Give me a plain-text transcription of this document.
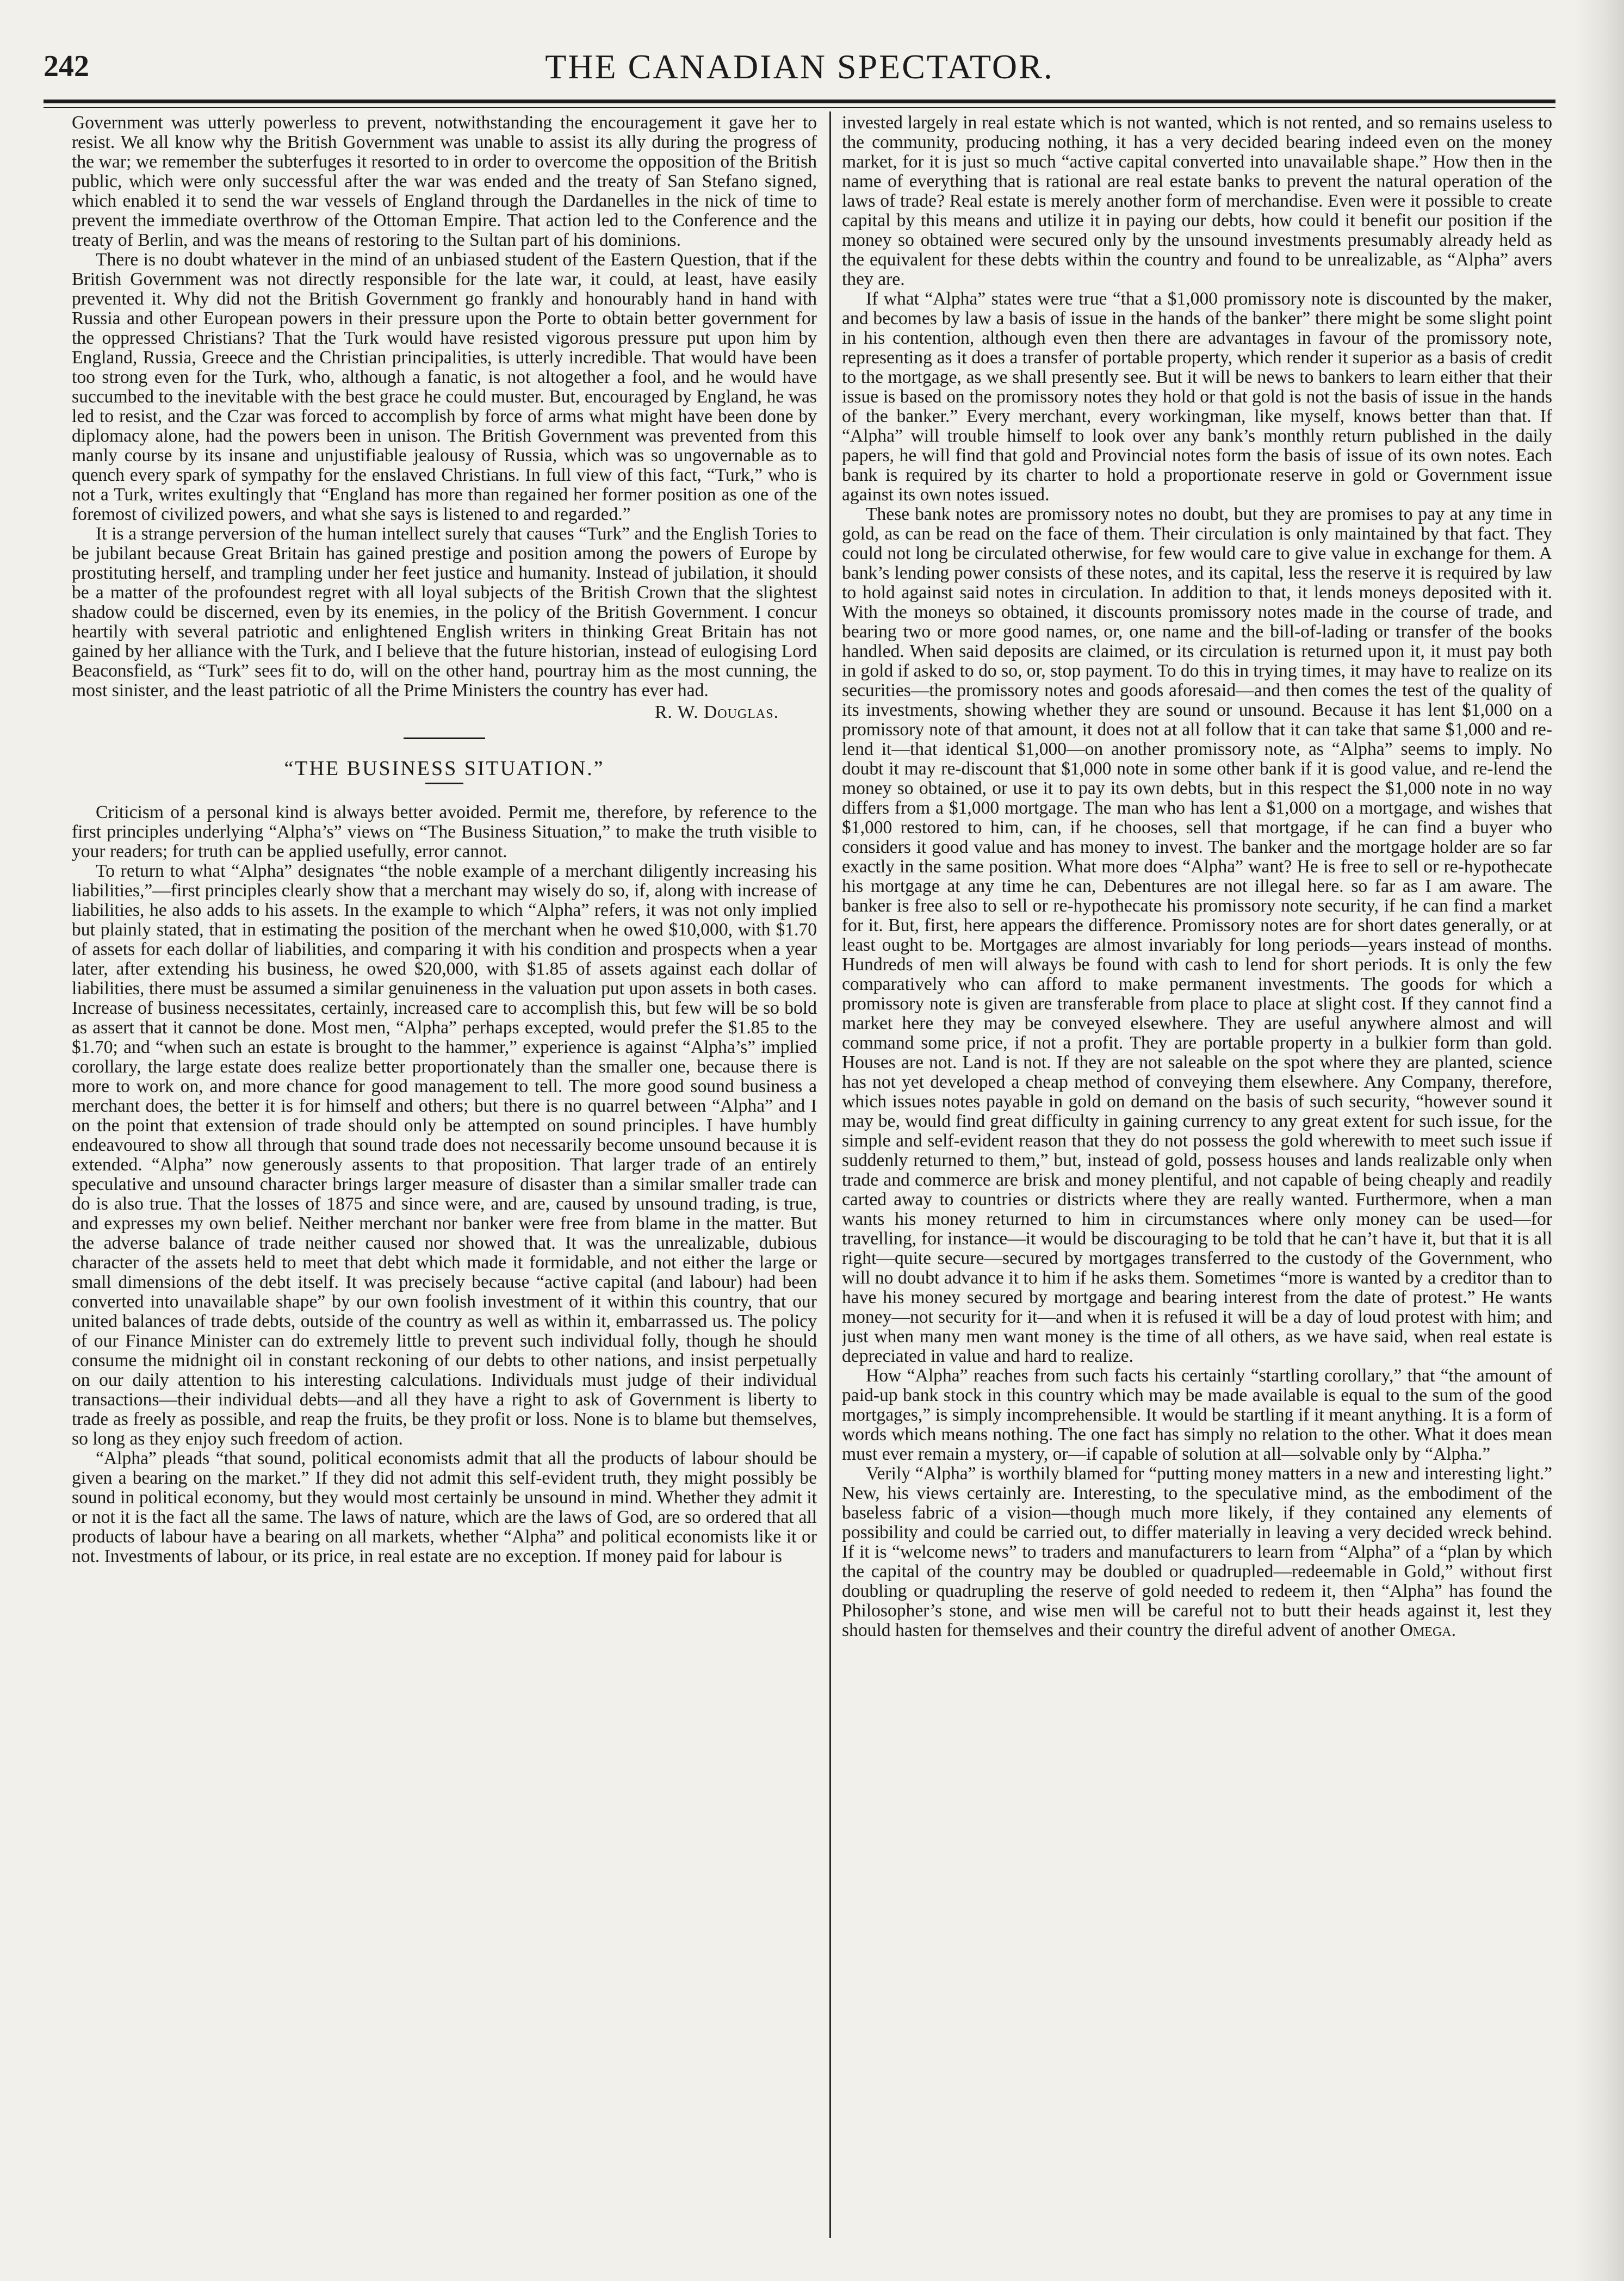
242	THE CANADIAN SPECTATOR.

Government was utterly powerless to prevent, notwithstanding the encouragement it gave her to resist. We all know why the British Government was unable to assist its ally during the progress of the war; we remember the subterfuges it resorted to in order to overcome the opposition of the British public, which were only successful after the war was ended and the treaty of San Stefano signed, which enabled it to send the war vessels of England through the Dardanelles in the nick of time to prevent the immediate overthrow of the Ottoman Empire. That action led to the Conference and the treaty of Berlin, and was the means of restoring to the Sultan part of his dominions.

There is no doubt whatever in the mind of an unbiased student of the Eastern Question, that if the British Government was not directly responsible for the late war, it could, at least, have easily prevented it. Why did not the British Government go frankly and honourably hand in hand with Russia and other European powers in their pressure upon the Porte to obtain better government for the oppressed Christians? That the Turk would have resisted vigorous pressure put upon him by England, Russia, Greece and the Christian principalities, is utterly incredible. That would have been too strong even for the Turk, who, although a fanatic, is not altogether a fool, and he would have succumbed to the inevitable with the best grace he could muster. But, encouraged by England, he was led to resist, and the Czar was forced to accomplish by force of arms what might have been done by diplomacy alone, had the powers been in unison. The British Government was prevented from this manly course by its insane and unjustifiable jealousy of Russia, which was so ungovernable as to quench every spark of sympathy for the enslaved Christians. In full view of this fact, “Turk,” who is not a Turk, writes exultingly that “England has more than regained her former position as one of the foremost of civilized powers, and what she says is listened to and regarded.”

It is a strange perversion of the human intellect surely that causes “Turk” and the English Tories to be jubilant because Great Britain has gained prestige and position among the powers of Europe by prostituting herself, and trampling under her feet justice and humanity. Instead of jubilation, it should be a matter of the profoundest regret with all loyal subjects of the British Crown that the slightest shadow could be discerned, even by its enemies, in the policy of the British Government. I concur heartily with several patriotic and enlightened English writers in thinking Great Britain has not gained by her alliance with the Turk, and I believe that the future historian, instead of eulogising Lord Beaconsfield, as “Turk” sees fit to do, will on the other hand, pourtray him as the most cunning, the most sinister, and the least patriotic of all the Prime Ministers the country has ever had.

R. W. Douglas.
“THE BUSINESS SITUATION.”

Criticism of a personal kind is always better avoided. Permit me, therefore, by reference to the first principles underlying “Alpha’s” views on “The Business Situation,” to make the truth visible to your readers; for truth can be applied usefully, error cannot.

To return to what “Alpha” designates “the noble example of a merchant diligently increasing his liabilities,”—first principles clearly show that a merchant may wisely do so, if, along with increase of liabilities, he also adds to his assets. In the example to which “Alpha” refers, it was not only implied but plainly stated, that in estimating the position of the merchant when he owed $10,000, with $1.70 of assets for each dollar of liabilities, and comparing it with his condition and prospects when a year later, after extending his business, he owed $20,000, with $1.85 of assets against each dollar of liabilities, there must be assumed a similar genuineness in the valuation put upon assets in both cases. Increase of business necessitates, certainly, increased care to accomplish this, but few will be so bold as assert that it cannot be done. Most men, “Alpha” perhaps excepted, would prefer the $1.85 to the $1.70; and “when such an estate is brought to the hammer,” experience is against “Alpha’s” implied corollary, the large estate does realize better proportionately than the smaller one, because there is more to work on, and more chance for good management to tell. The more good sound business a merchant does, the better it is for himself and others; but there is no quarrel between “Alpha” and I on the point that extension of trade should only be attempted on sound principles. I have humbly endeavoured to show all through that sound trade does not necessarily become unsound because it is extended. “Alpha” now generously assents to that proposition. That larger trade of an entirely speculative and unsound character brings larger measure of disaster than a similar smaller trade can do is also true. That the losses of 1875 and since were, and are, caused by unsound trading, is true, and expresses my own belief. Neither merchant nor banker were free from blame in the matter. But the adverse balance of trade neither caused nor showed that. It was the unrealizable, dubious character of the assets held to meet that debt which made it formidable, and not either the large or small dimensions of the debt itself. It was precisely because “active capital (and labour) had been converted into unavailable shape” by our own foolish investment of it within this country, that our united balances of trade debts, outside of the country as well as within it, embarrassed us. The policy of our Finance Minister can do extremely little to prevent such individual folly, though he should consume the midnight oil in constant reckoning of our debts to other nations, and insist perpetually on our daily attention to his interesting calculations. Individuals must judge of their individual transactions—their individual debts—and all they have a right to ask of Government is liberty to trade as freely as possible, and reap the fruits, be they profit or loss. None is to blame but themselves, so long as they enjoy such freedom of action.

“Alpha” pleads “that sound, political economists admit that all the products of labour should be given a bearing on the market.” If they did not admit this self-evident truth, they might possibly be sound in political economy, but they would most certainly be unsound in mind. Whether they admit it or not it is the fact all the same. The laws of nature, which are the laws of God, are so ordered that all products of labour have a bearing on all markets, whether “Alpha” and political economists like it or not. Investments of labour, or its price, in real estate are no exception. If money paid for labour is

invested largely in real estate which is not wanted, which is not rented, and so remains useless to the community, producing nothing, it has a very decided bearing indeed even on the money market, for it is just so much “active capital converted into unavailable shape.” How then in the name of everything that is rational are real estate banks to prevent the natural operation of the laws of trade? Real estate is merely another form of merchandise. Even were it possible to create capital by this means and utilize it in paying our debts, how could it benefit our position if the money so obtained were secured only by the unsound investments presumably already held as the equivalent for these debts within the country and found to be unrealizable, as “Alpha” avers they are.

If what “Alpha” states were true “that a $1,000 promissory note is discounted by the maker, and becomes by law a basis of issue in the hands of the banker” there might be some slight point in his contention, although even then there are advantages in favour of the promissory note, representing as it does a transfer of portable property, which render it superior as a basis of credit to the mortgage, as we shall presently see. But it will be news to bankers to learn either that their issue is based on the promissory notes they hold or that gold is not the basis of issue in the hands of the banker.” Every merchant, every workingman, like myself, knows better than that. If “Alpha” will trouble himself to look over any bank’s monthly return published in the daily papers, he will find that gold and Provincial notes form the basis of issue of its own notes. Each bank is required by its charter to hold a proportionate reserve in gold or Government issue against its own notes issued.

These bank notes are promissory notes no doubt, but they are promises to pay at any time in gold, as can be read on the face of them. Their circulation is only maintained by that fact. They could not long be circulated otherwise, for few would care to give value in exchange for them. A bank’s lending power consists of these notes, and its capital, less the reserve it is required by law to hold against said notes in circulation. In addition to that, it lends moneys deposited with it. With the moneys so obtained, it discounts promissory notes made in the course of trade, and bearing two or more good names, or, one name and the bill-of-lading or transfer of the books handled. When said deposits are claimed, or its circulation is returned upon it, it must pay both in gold if asked to do so, or, stop payment. To do this in trying times, it may have to realize on its securities—the promissory notes and goods aforesaid—and then comes the test of the quality of its investments, showing whether they are sound or unsound. Because it has lent $1,000 on a promissory note of that amount, it does not at all follow that it can take that same $1,000 and re-lend it—that identical $1,000—on another promissory note, as “Alpha” seems to imply. No doubt it may re-discount that $1,000 note in some other bank if it is good value, and re-lend the money so obtained, or use it to pay its own debts, but in this respect the $1,000 note in no way differs from a $1,000 mortgage. The man who has lent a $1,000 on a mortgage, and wishes that $1,000 restored to him, can, if he chooses, sell that mortgage, if he can find a buyer who considers it good value and has money to invest. The banker and the mortgage holder are so far exactly in the same position. What more does “Alpha” want? He is free to sell or re-hypothecate his mortgage at any time he can, Debentures are not illegal here. so far as I am aware. The banker is free also to sell or re-hypothecate his promissory note security, if he can find a market for it. But, first, here appears the difference. Promissory notes are for short dates generally, or at least ought to be. Mortgages are almost invariably for long periods—years instead of months. Hundreds of men will always be found with cash to lend for short periods. It is only the few comparatively who can afford to make permanent investments. The goods for which a promissory note is given are transferable from place to place at slight cost. If they cannot find a market here they may be conveyed elsewhere. They are useful anywhere almost and will command some price, if not a profit. They are portable property in a bulkier form than gold. Houses are not. Land is not. If they are not saleable on the spot where they are planted, science has not yet developed a cheap method of conveying them elsewhere. Any Company, therefore, which issues notes payable in gold on demand on the basis of such security, “however sound it may be, would find great difficulty in gaining currency to any great extent for such issue, for the simple and self-evident reason that they do not possess the gold wherewith to meet such issue if suddenly returned to them,” but, instead of gold, possess houses and lands realizable only when trade and commerce are brisk and money plentiful, and not capable of being cheaply and readily carted away to countries or districts where they are really wanted. Furthermore, when a man wants his money returned to him in circumstances where only money can be used—for travelling, for instance—it would be discouraging to be told that he can’t have it, but that it is all right—quite secure—secured by mortgages transferred to the custody of the Government, who will no doubt advance it to him if he asks them. Sometimes “more is wanted by a creditor than to have his money secured by mortgage and bearing interest from the date of protest.” He wants money—not security for it—and when it is refused it will be a day of loud protest with him; and just when many men want money is the time of all others, as we have said, when real estate is depreciated in value and hard to realize.

How “Alpha” reaches from such facts his certainly “startling corollary,” that “the amount of paid-up bank stock in this country which may be made available is equal to the sum of the good mortgages,” is simply incomprehensible. It would be startling if it meant anything. It is a form of words which means nothing. The one fact has simply no relation to the other. What it does mean must ever remain a mystery, or—if capable of solution at all—solvable only by “Alpha.”

Verily “Alpha” is worthily blamed for “putting money matters in a new and interesting light.” New, his views certainly are. Interesting, to the speculative mind, as the embodiment of the baseless fabric of a vision—though much more likely, if they contained any elements of possibility and could be carried out, to differ materially in leaving a very decided wreck behind. If it is “welcome news” to traders and manufacturers to learn from “Alpha” of a “plan by which the capital of the country may be doubled or quadrupled—redeemable in Gold,” without first doubling or quadrupling the reserve of gold needed to redeem it, then “Alpha” has found the Philosopher’s stone, and wise men will be careful not to butt their heads against it, lest they should hasten for themselves and their country the direful advent of another Omega.
